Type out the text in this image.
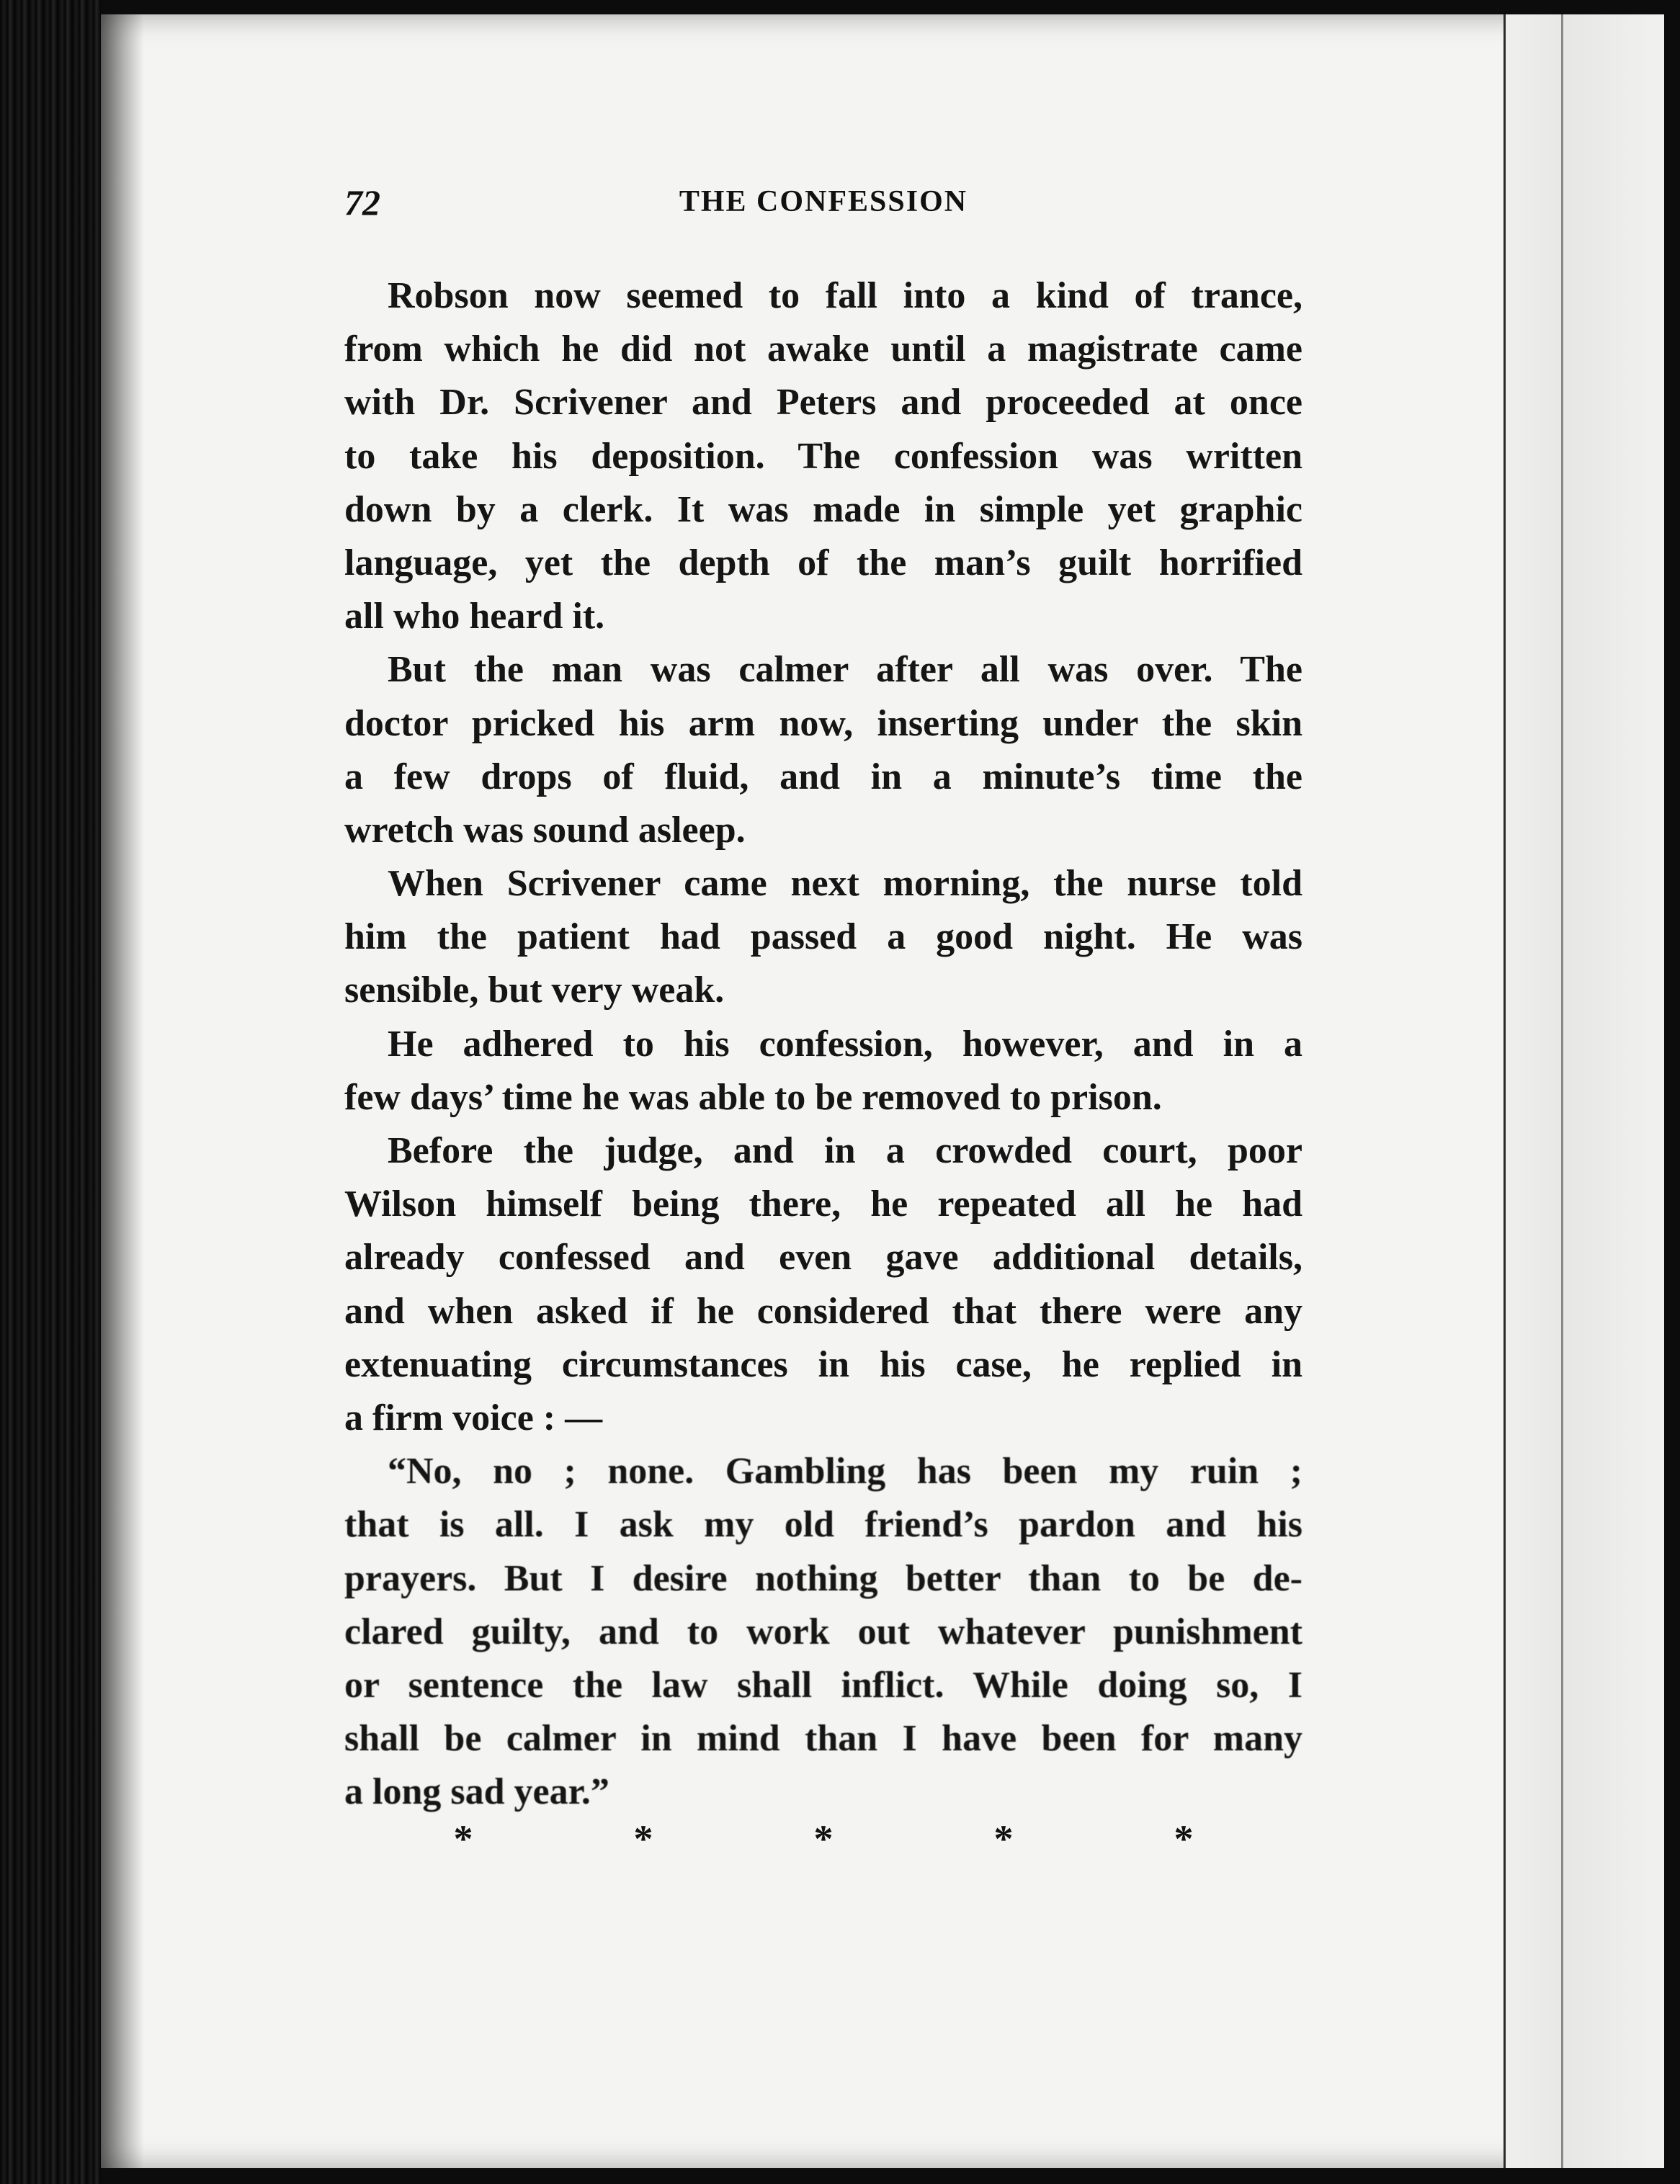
72	THE CONFESSION
Robson now seemed to fall into a kind of trance,
from which he did not awake until a magistrate came
with Dr. Scrivener and Peters and proceeded at once
to take his deposition. The confession was written
down by a clerk. It was made in simple yet graphic
language, yet the depth of the man’s guilt horrified
all who heard it.
But the man was calmer after all was over. The
doctor pricked his arm now, inserting under the skin
a few drops of fluid, and in a minute’s time the
wretch was sound asleep.
When Scrivener came next morning, the nurse told
him the patient had passed a good night. He was
sensible, but very weak.
He adhered to his confession, however, and in a
few days’ time he was able to be removed to prison.
Before the judge, and in a crowded court, poor
Wilson himself being there, he repeated all he had
already confessed and even gave additional details,
and when asked if he considered that there were any
extenuating circumstances in his case, he replied in
a firm voice : —
“No, no ; none. Gambling has been my ruin ;
that is all. I ask my old friend’s pardon and his
prayers. But I desire nothing better than to be de-
clared guilty, and to work out whatever punishment
or sentence the law shall inflict. While doing so, I
shall be calmer in mind than I have been for many
a long sad year.”
*	*	*	*	*
